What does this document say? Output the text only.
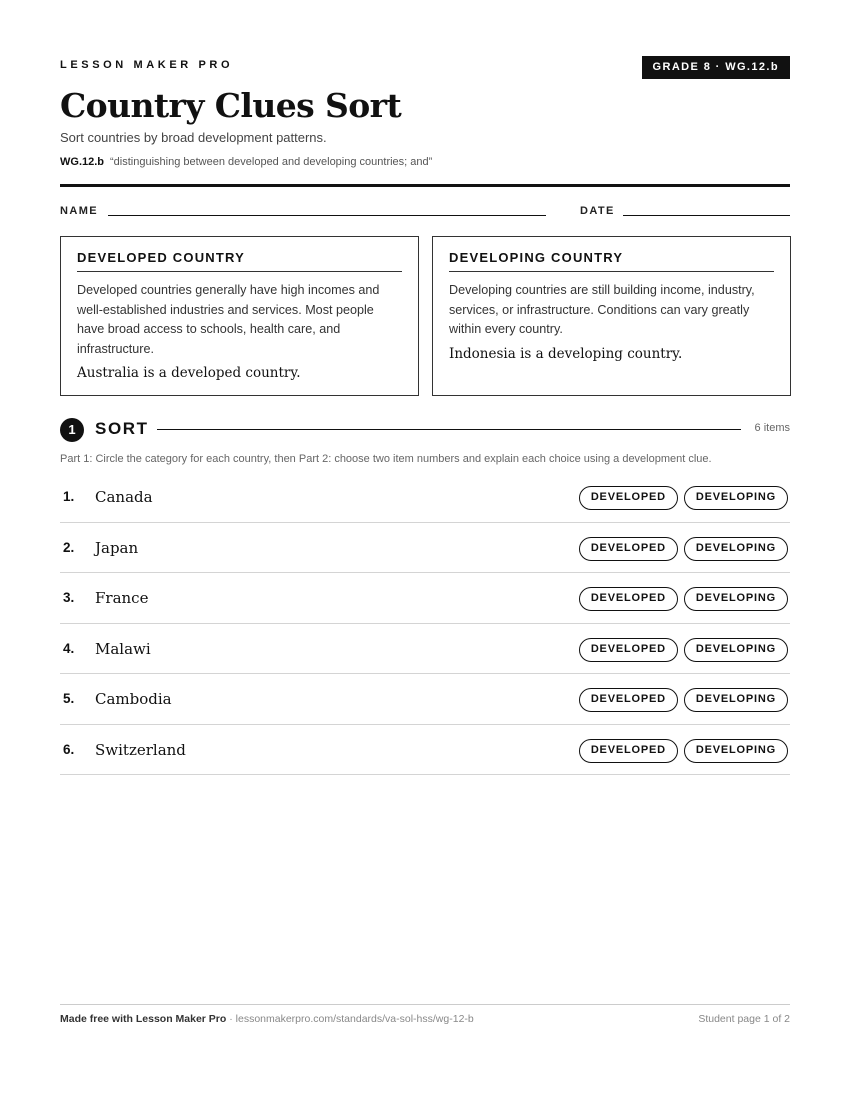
LESSON MAKER PRO	GRADE 8 · WG.12.b
Country Clues Sort
Sort countries by broad development patterns.
WG.12.b “distinguishing between developed and developing countries; and”
NAME	DATE
DEVELOPED COUNTRY
Developed countries generally have high incomes and well-established industries and services. Most people have broad access to schools, health care, and infrastructure.
Australia is a developed country.
DEVELOPING COUNTRY
Developing countries are still building income, industry, services, or infrastructure. Conditions can vary greatly within every country.
Indonesia is a developing country.
1	SORT	6 items
Part 1: Circle the category for each country, then Part 2: choose two item numbers and explain each choice using a development clue.
1. Canada	DEVELOPED	DEVELOPING
2. Japan	DEVELOPED	DEVELOPING
3. France	DEVELOPED	DEVELOPING
4. Malawi	DEVELOPED	DEVELOPING
5. Cambodia	DEVELOPED	DEVELOPING
6. Switzerland	DEVELOPED	DEVELOPING
Made free with Lesson Maker Pro · lessonmakerpro.com/standards/va-sol-hss/wg-12-b	Student page 1 of 2
